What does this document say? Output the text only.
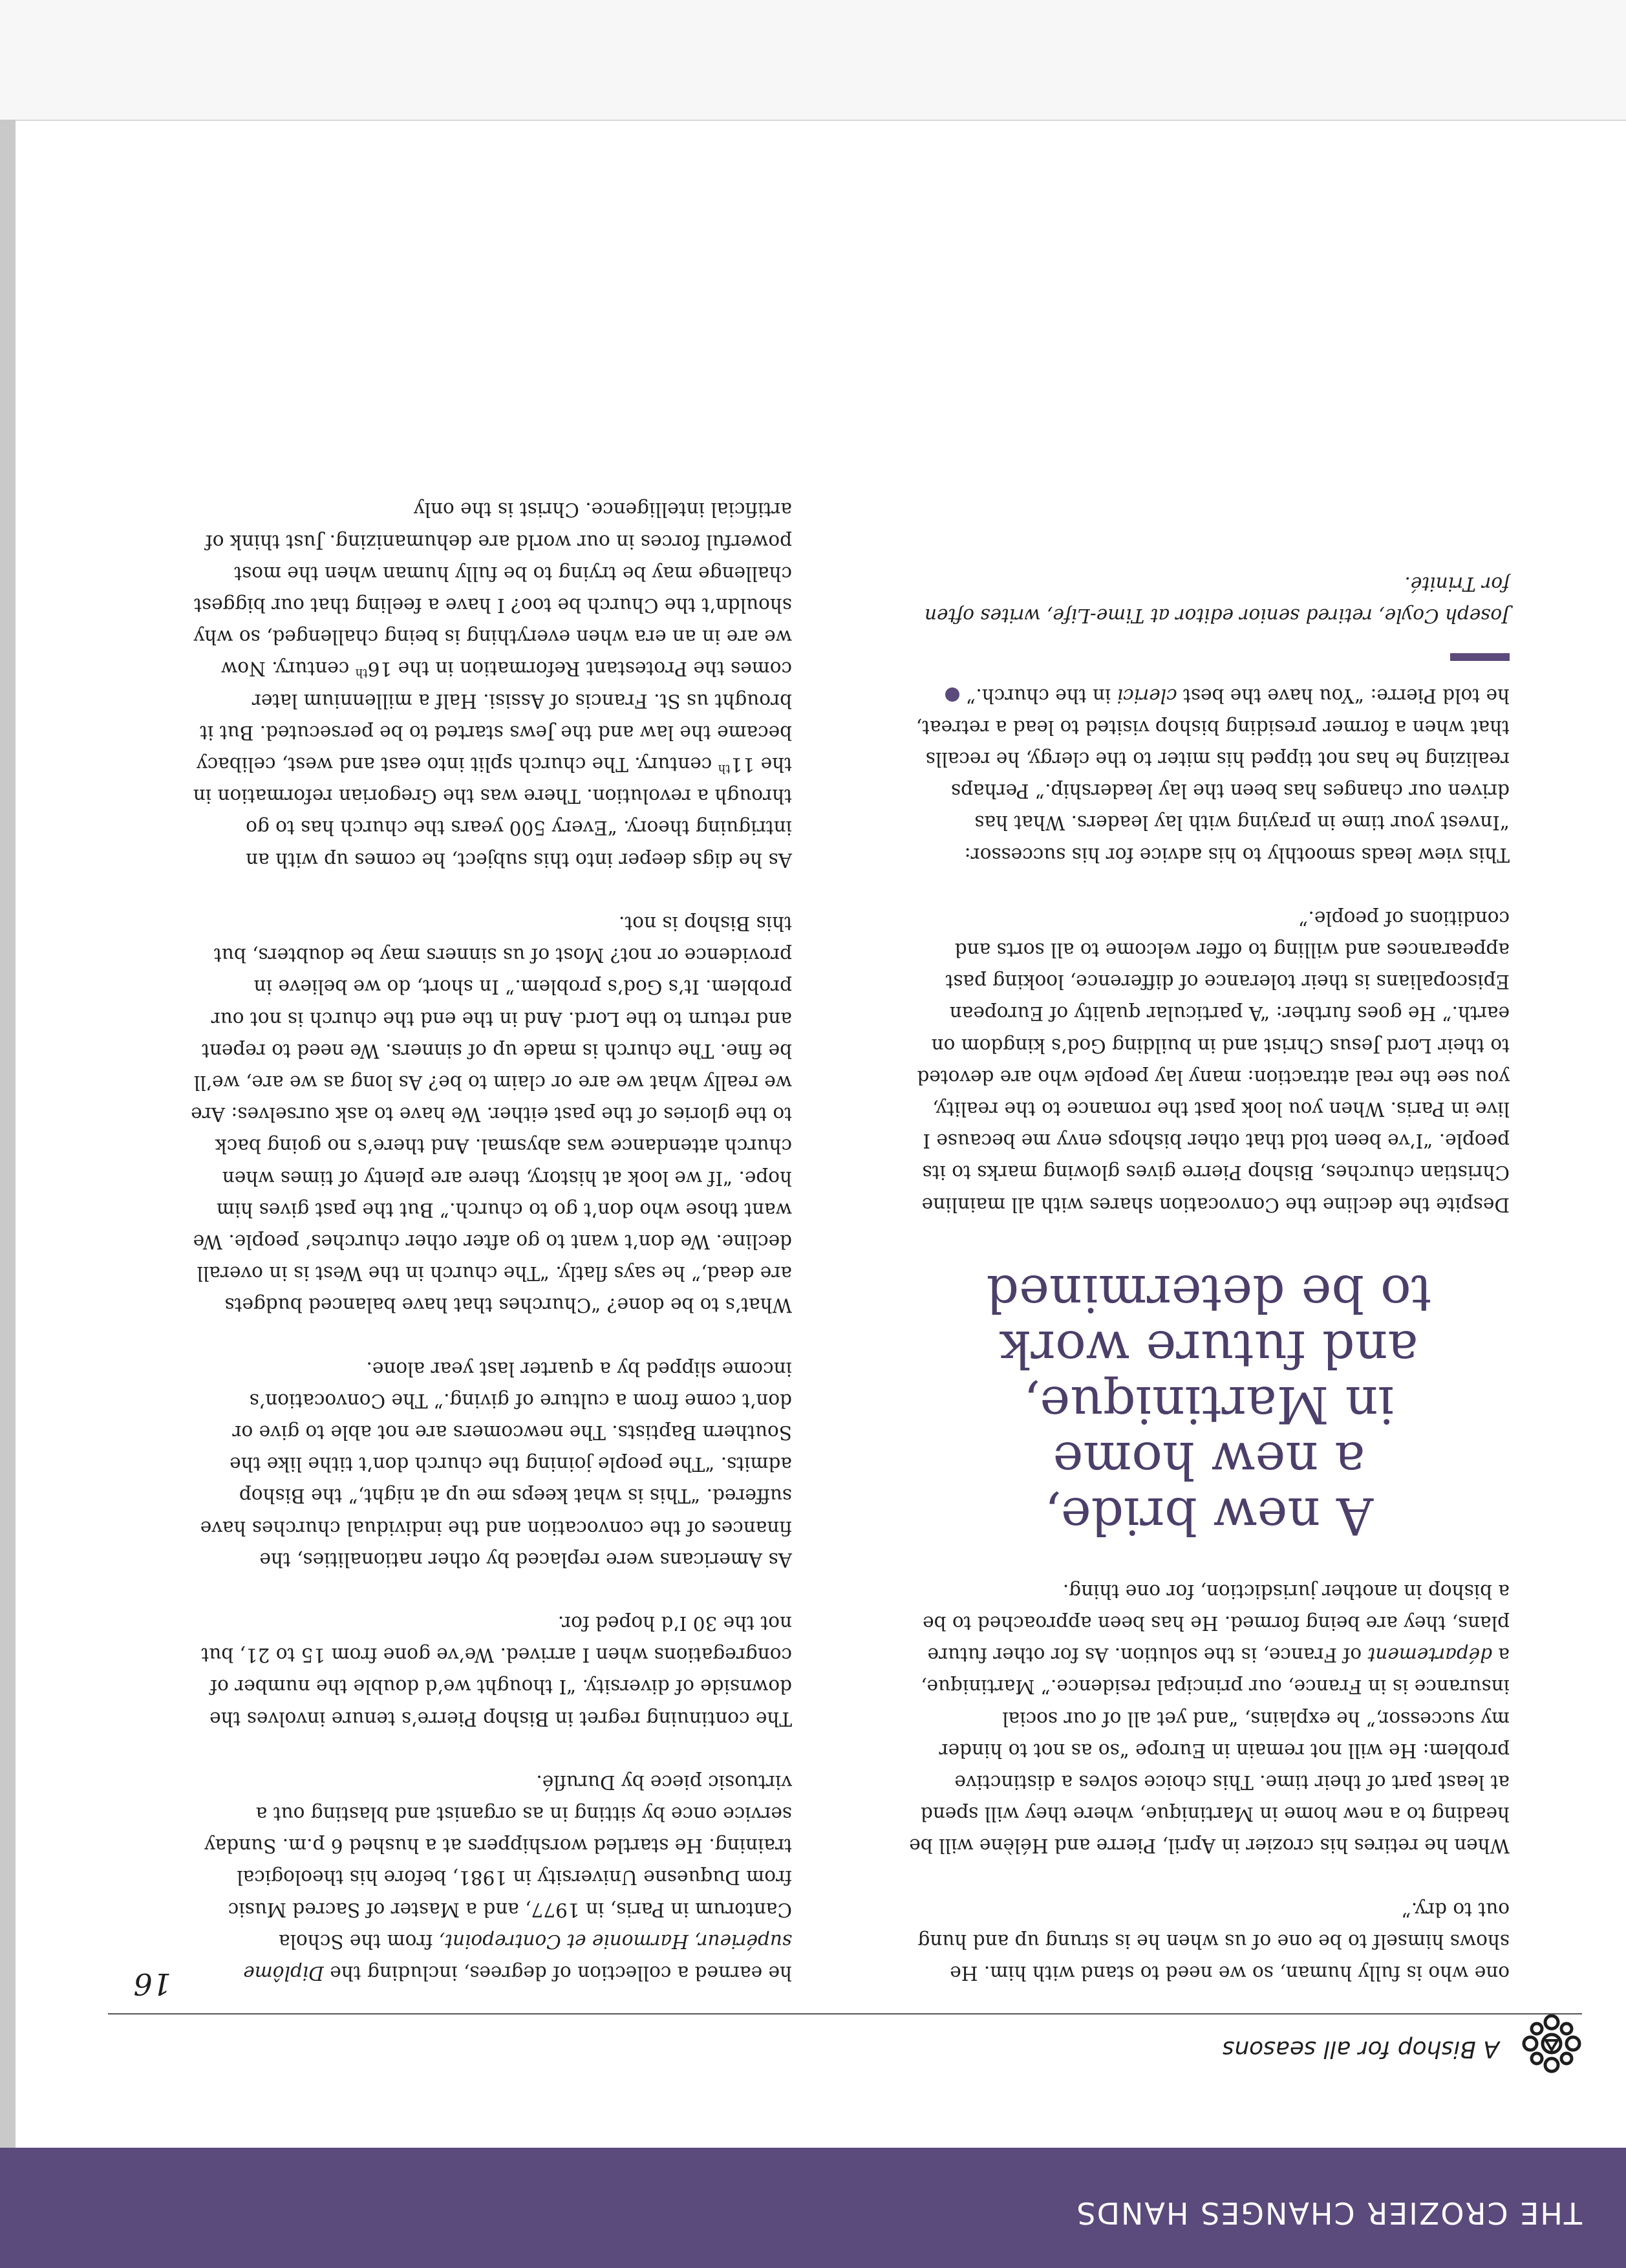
THE CROZIER CHANGES HANDS
A Bishop for all seasons
16	he earned a collection of degrees, including the Diplôme supérieur, Harmonie et Contrepoint, from the Schola Cantorum in Paris, in 1977, and a Master of Sacred Music from Duquesne University in 1981, before his theological training. He startled worshippers at a hushed 6 p.m. Sunday service once by sitting in as organist and blasting out a virtuosic piece by Duruflé.

The continuing regret in Bishop Pierre’s tenure involves the downside of diversity. “I thought we’d double the number of congregations when I arrived. We’ve gone from 15 to 21, but not the 30 I’d hoped for.

As Americans were replaced by other nationalities, the finances of the convocation and the individual churches have suffered. “This is what keeps me up at night,” the Bishop admits. “The people joining the church don’t tithe like the Southern Baptists. The newcomers are not able to give or don’t come from a culture of giving.” The Convocation’s income slipped by a quarter last year alone.

What’s to be done? “Churches that have balanced budgets are dead,” he says flatly. “The church in the West is in overall decline. We don’t want to go after other churches’ people. We want those who don’t go to church.” But the past gives him hope. “If we look at history, there are plenty of times when church attendance was abysmal. And there’s no going back to the glories of the past either. We have to ask ourselves: Are we really what we are or claim to be? As long as we are, we’ll be fine. The church is made up of sinners. We need to repent and return to the Lord. And in the end the church is not our problem. It’s God’s problem.” In short, do we believe in providence or not? Most of us sinners may be doubters, but this Bishop is not.

As he digs deeper into this subject, he comes up with an intriguing theory. “Every 500 years the church has to go through a revolution. There was the Gregorian reformation in the 11th century. The church split into east and west, celibacy became the law and the Jews started to be persecuted. But it brought us St. Francis of Assisi. Half a millennium later comes the Protestant Reformation in the 16th century. Now we are in an era when everything is being challenged, so why shouldn’t the Church be too? I have a feeling that our biggest challenge may be trying to be fully human when the most powerful forces in our world are dehumanizing. Just think of artificial intelligence. Christ is the only

one who is fully human, so we need to stand with him. He shows himself to be one of us when he is strung up and hung out to dry.”

When he retires his crozier in April, Pierre and Hélène will be heading to a new home in Martinique, where they will spend at least part of their time. This choice solves a distinctive problem: He will not remain in Europe “so as not to hinder my successor,” he explains, “and yet all of our social insurance is in France, our principal residence.” Martinique, a département of France, is the solution. As for other future plans, they are being formed. He has been approached to be a bishop in another jurisdiction, for one thing.

A new bride,
a new home
in Martinique,
and future work
to be determined

Despite the decline the Convocation shares with all mainline Christian churches, Bishop Pierre gives glowing marks to its people. “I’ve been told that other bishops envy me because I live in Paris. When you look past the romance to the reality, you see the real attraction: many lay people who are devoted to their Lord Jesus Christ and in building God’s kingdom on earth.” He goes further: “A particular quality of European Episcopalians is their tolerance of difference, looking past appearances and willing to offer welcome to all sorts and conditions of people.”

This view leads smoothly to his advice for his successor: “Invest your time in praying with lay leaders. What has driven our changes has been the lay leadership.” Perhaps realizing he has not tipped his miter to the clergy, he recalls that when a former presiding bishop visited to lead a retreat, he told Pierre: “You have the best clerici in the church.”

Joseph Coyle, retired senior editor at Time-Life, writes often for Trinité.
